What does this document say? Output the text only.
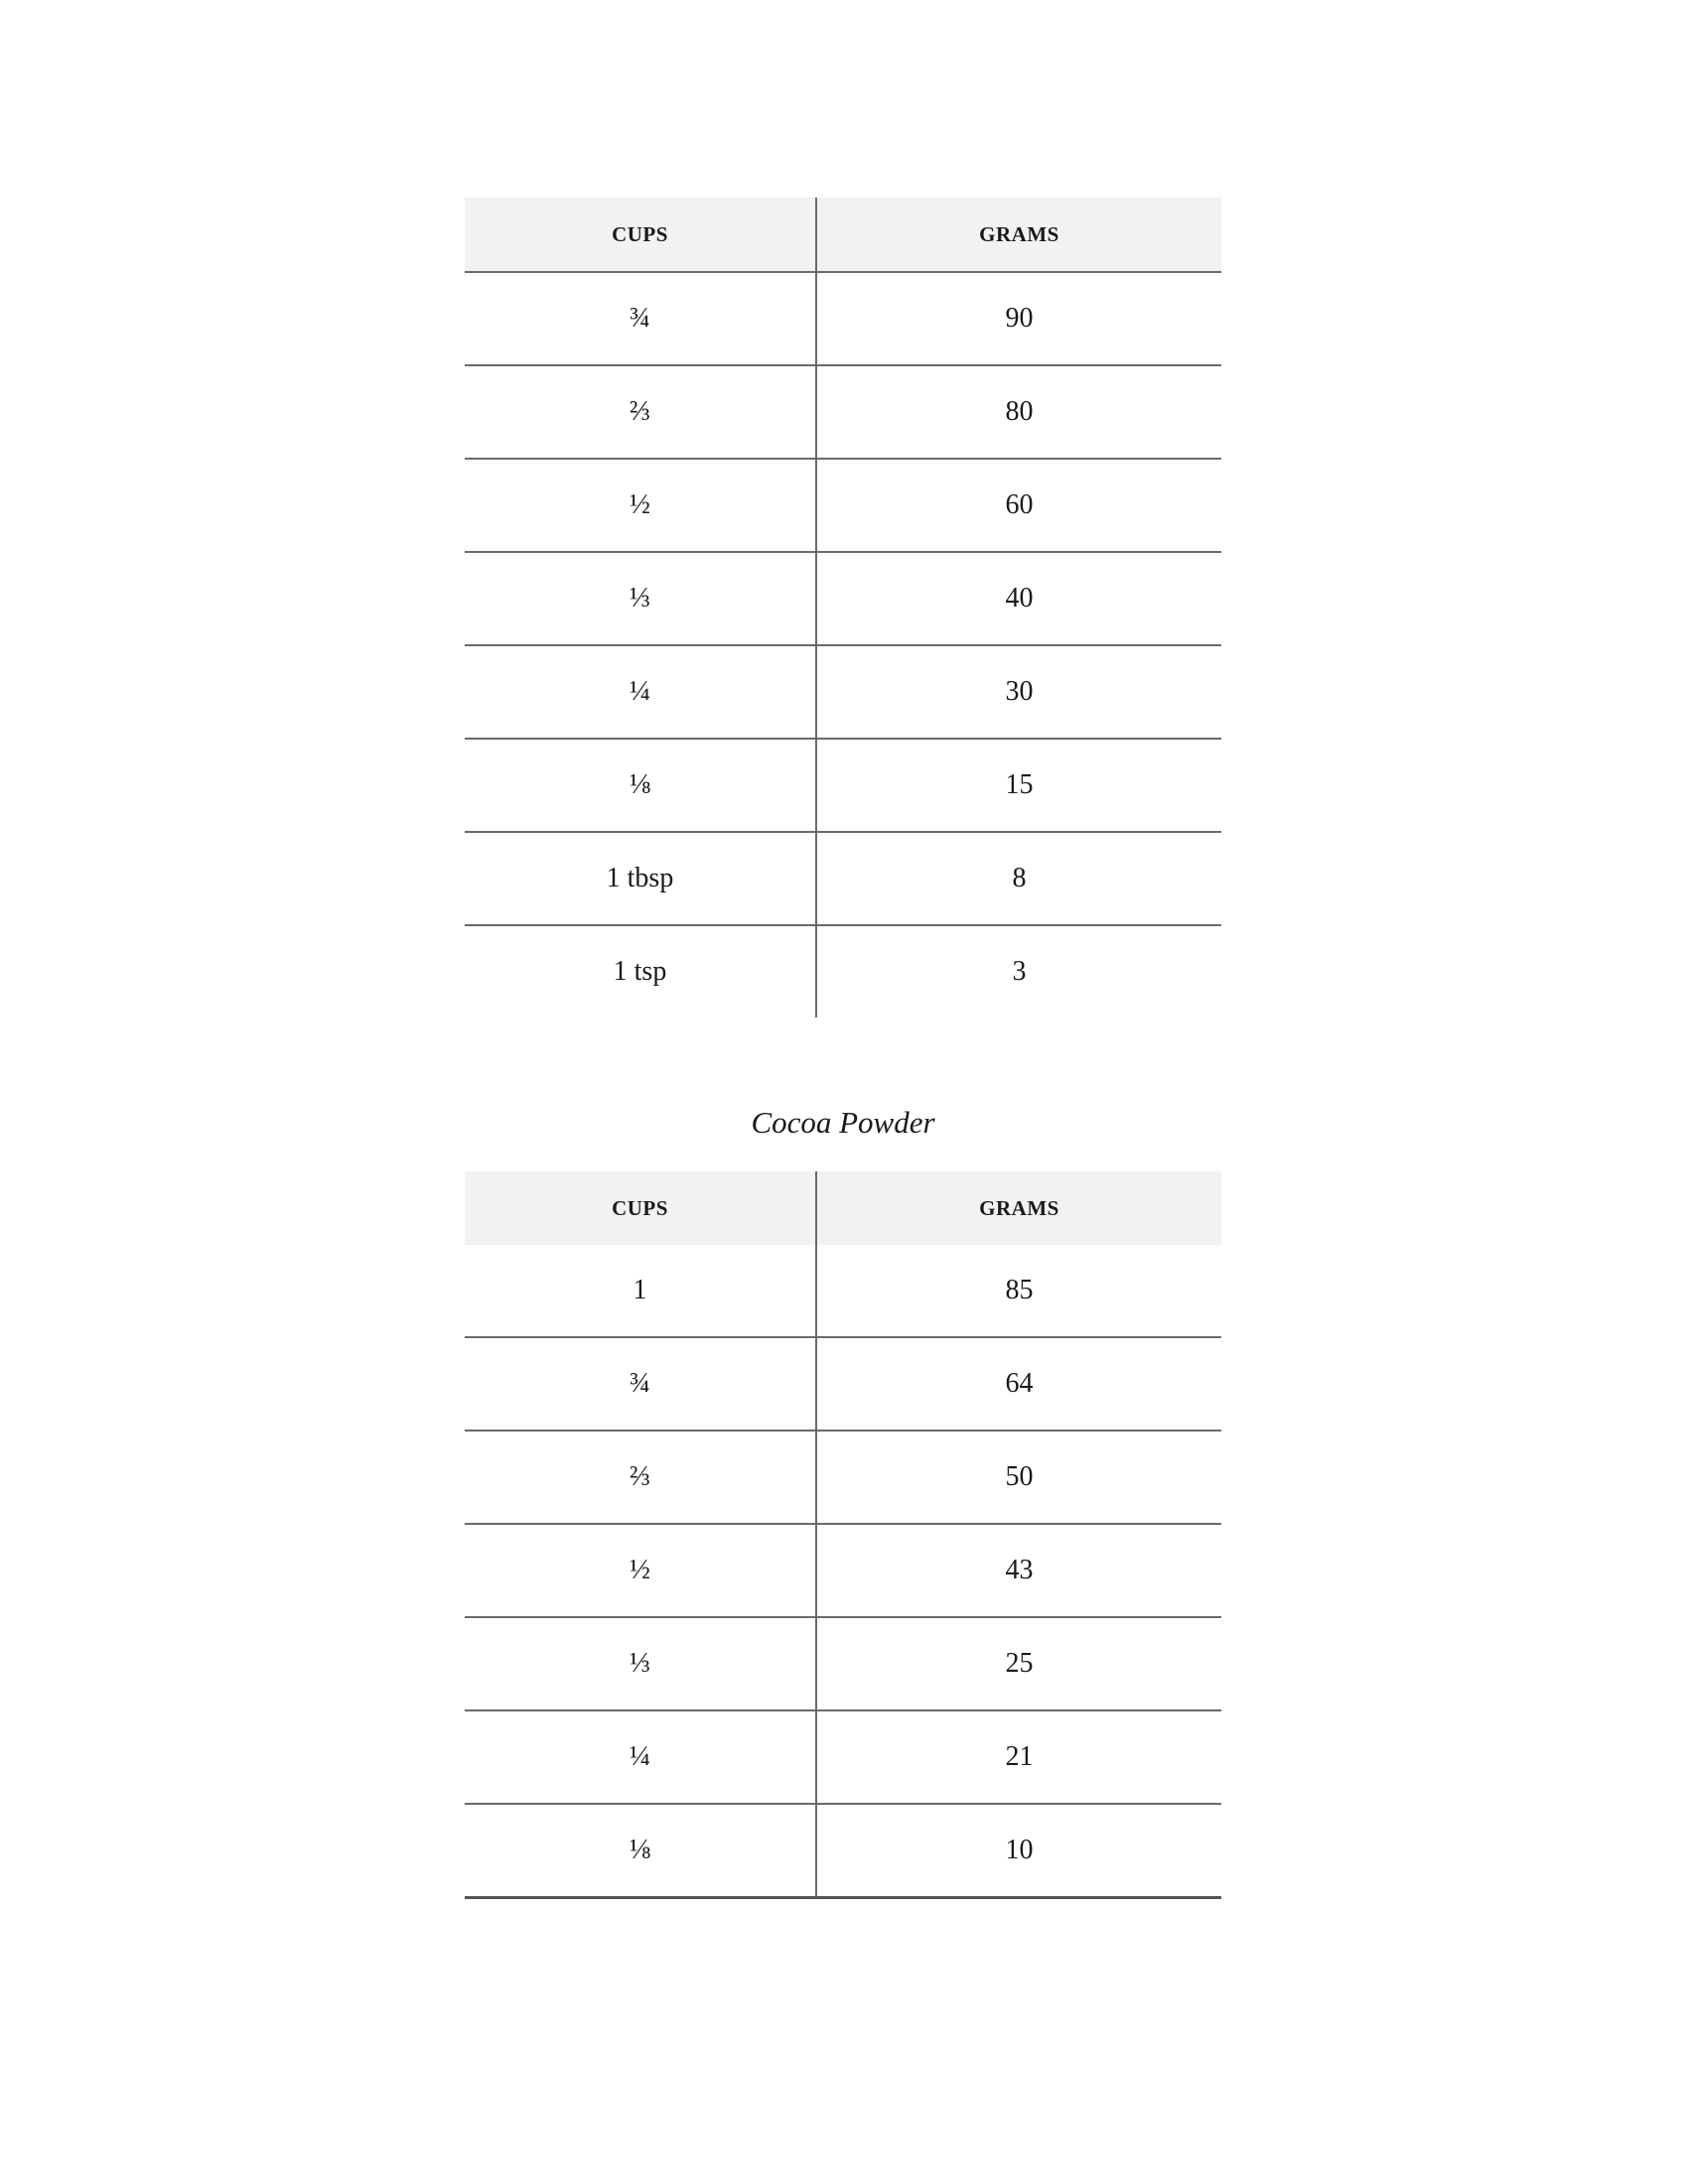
CUPS	GRAMS
¾	90
⅔	80
½	60
⅓	40
¼	30
⅛	15
1 tbsp	8
1 tsp	3

Cocoa Powder

CUPS	GRAMS
1	85
¾	64
⅔	50
½	43
⅓	25
¼	21
⅛	10
